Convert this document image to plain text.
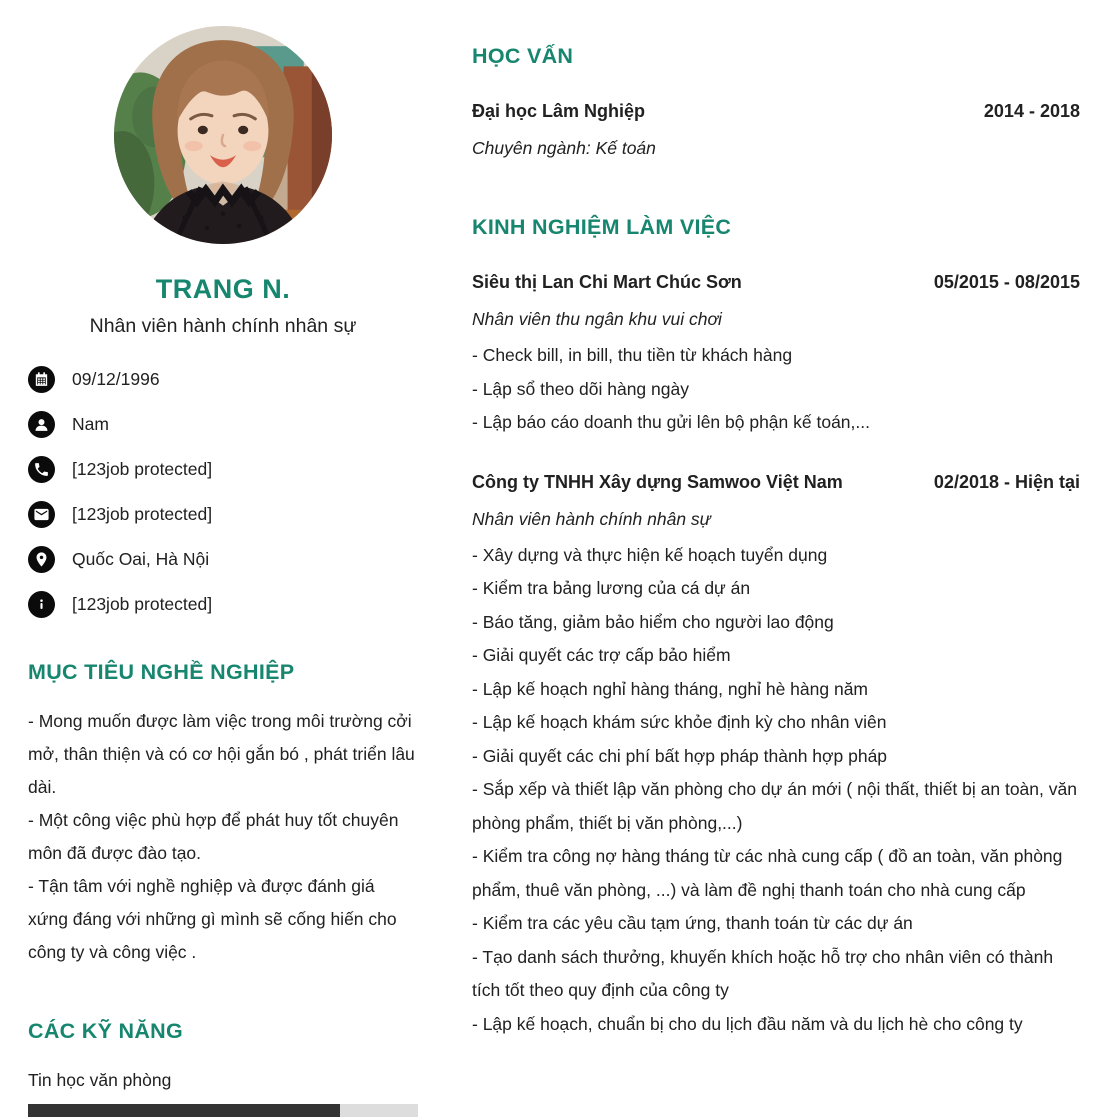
TRANG N.
Nhân viên hành chính nhân sự
09/12/1996
Nam
[123job protected]
[123job protected]
Quốc Oai, Hà Nội
[123job protected]
MỤC TIÊU NGHỀ NGHIỆP

- Mong muốn được làm việc trong môi trường cởi mở, thân thiện và có cơ hội gắn bó , phát triển lâu dài.

- Một công việc phù hợp để phát huy tốt chuyên môn đã được đào tạo.

- Tận tâm với nghề nghiệp và được đánh giá xứng đáng với những gì mình sẽ cống hiến cho công ty và công việc .

CÁC KỸ NĂNG
Tin học văn phòng
HỌC VẤN
Đại học Lâm Nghiệp	2014 - 2018
Chuyên ngành: Kế toán
KINH NGHIỆM LÀM VIỆC
Siêu thị Lan Chi Mart Chúc Sơn	05/2015 - 08/2015
Nhân viên thu ngân khu vui chơi

- Check bill, in bill, thu tiền từ khách hàng

- Lập sổ theo dõi hàng ngày

- Lập báo cáo doanh thu gửi lên bộ phận kế toán,...

Công ty TNHH Xây dựng Samwoo Việt Nam	02/2018 - Hiện tại
Nhân viên hành chính nhân sự

- Xây dựng và thực hiện kế hoạch tuyển dụng

- Kiểm tra bảng lương của cá dự án

- Báo tăng, giảm bảo hiểm cho người lao động

- Giải quyết các trợ cấp bảo hiểm

- Lập kế hoạch nghỉ hàng tháng, nghỉ hè hàng năm

- Lập kế hoạch khám sức khỏe định kỳ cho nhân viên

- Giải quyết các chi phí bất hợp pháp thành hợp pháp

- Sắp xếp và thiết lập văn phòng cho dự án mới ( nội thất, thiết bị an toàn, văn phòng phẩm, thiết bị văn phòng,...)

- Kiểm tra công nợ hàng tháng từ các nhà cung cấp ( đồ an toàn, văn phòng phẩm, thuê văn phòng, ...) và làm đề nghị thanh toán cho nhà cung cấp

- Kiểm tra các yêu cầu tạm ứng, thanh toán từ các dự án

- Tạo danh sách thưởng, khuyến khích hoặc hỗ trợ cho nhân viên có thành tích tốt theo quy định của công ty

- Lập kế hoạch, chuẩn bị cho du lịch đầu năm và du lịch hè cho công ty
